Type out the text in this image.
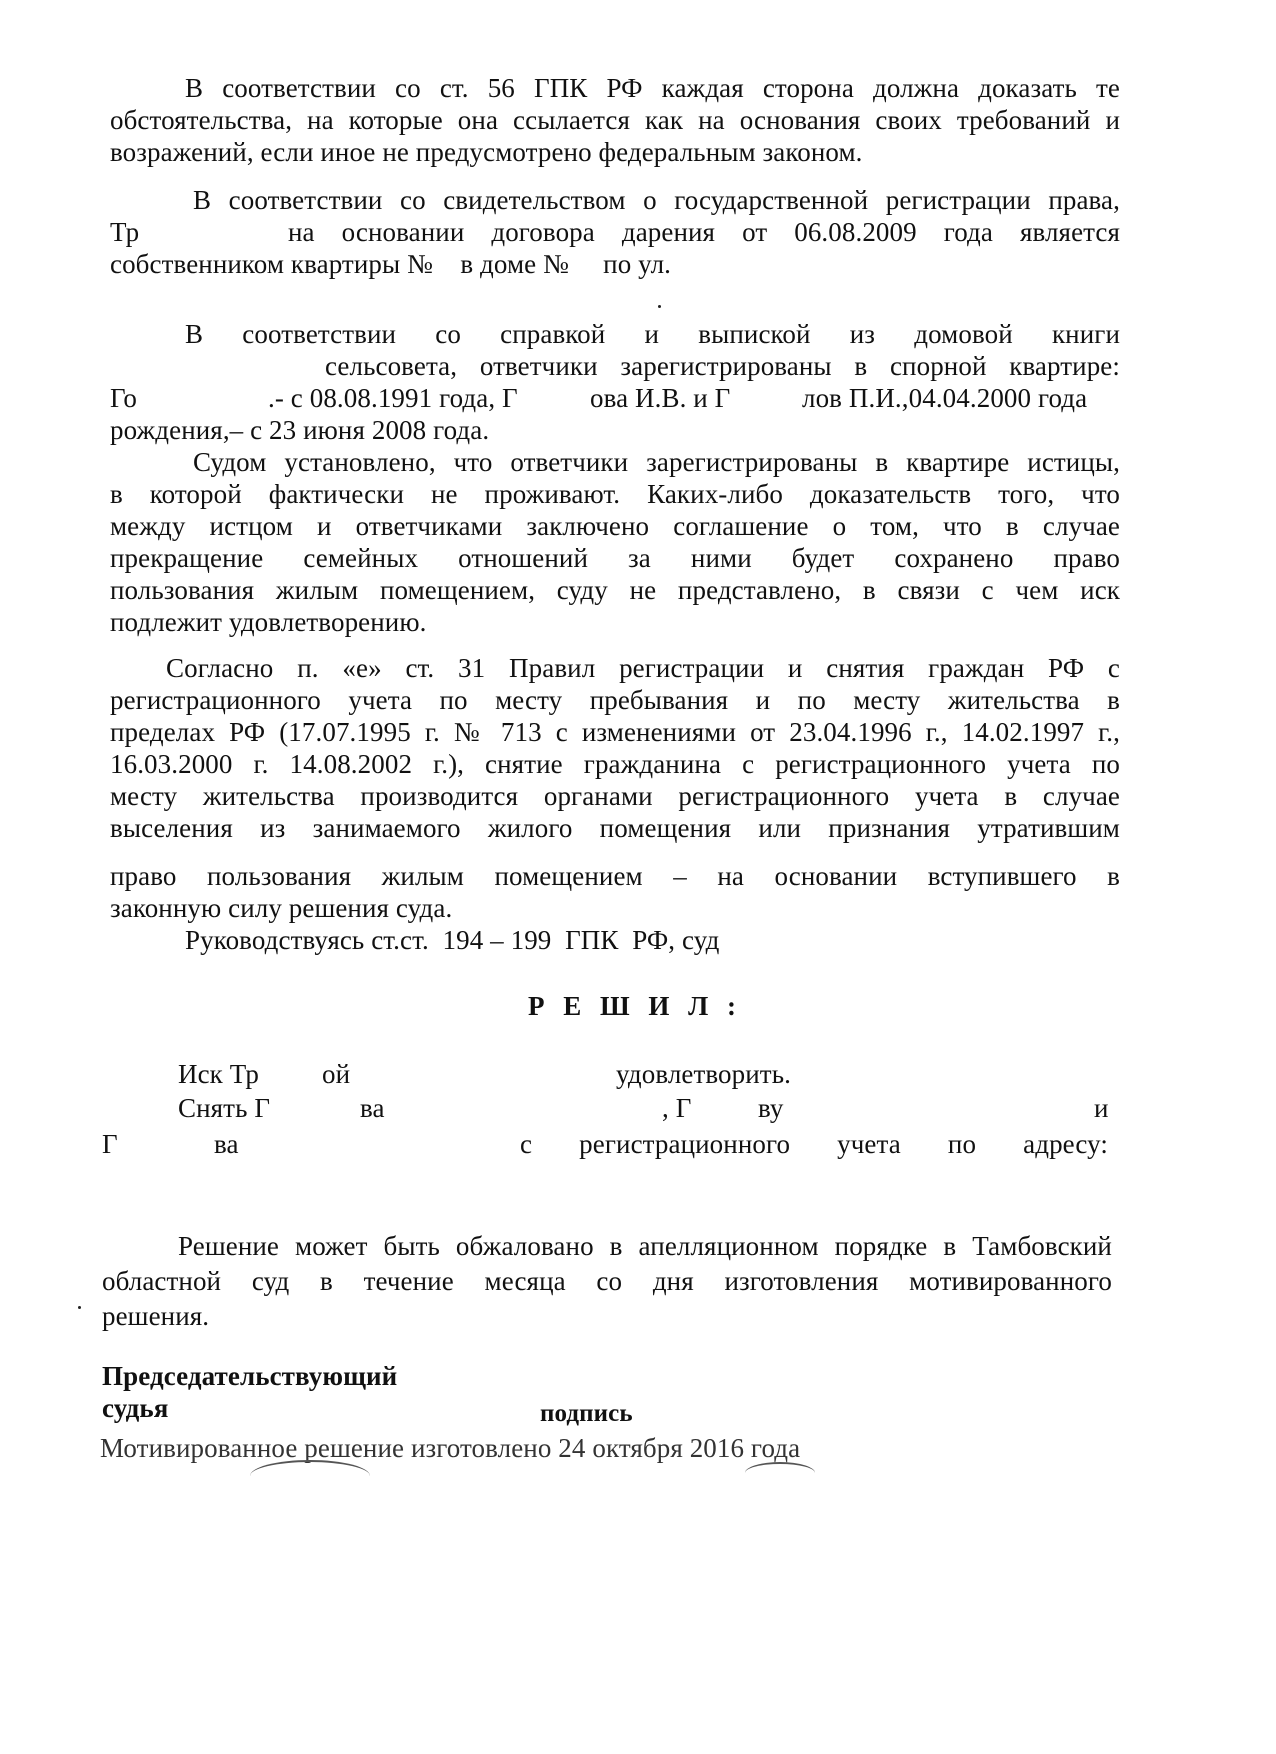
В соответствии со ст. 56 ГПК РФ каждая сторона должна доказать те
обстоятельства, на которые она ссылается как на основания своих требований и
возражений, если иное не предусмотрено федеральным законом.
В соответствии со свидетельством о государственной регистрации права,
Тр	на основании договора дарения от 06.08.2009 года является
собственником квартиры №    в доме №     по ул.
В соответствии со справкой и выпиской из домовой книги
сельсовета, ответчики зарегистрированы в спорной квартире:
Го	.- с 08.08.1991 года, Г	ова И.В. и Г	лов П.И.,04.04.2000 года
рождения,– с 23 июня 2008 года.
Судом установлено, что ответчики зарегистрированы в квартире истицы,
в которой фактически не проживают. Каких-либо доказательств того, что
между истцом и ответчиками заключено соглашение о том, что в случае
прекращение семейных отношений за ними будет сохранено право
пользования жилым помещением, суду не представлено, в связи с чем иск
подлежит удовлетворению.
Согласно п. «е» ст. 31 Правил регистрации и снятия граждан РФ с
регистрационного учета по месту пребывания и по месту жительства в
пределах РФ (17.07.1995 г. № 713 с изменениями от 23.04.1996 г., 14.02.1997 г.,
16.03.2000 г. 14.08.2002 г.), снятие гражданина с регистрационного учета по
месту жительства производится органами регистрационного учета в случае
выселения из занимаемого жилого помещения или признания утратившим
право пользования жилым помещением – на основании вступившего в
законную силу решения суда.
Руководствуясь ст.ст.  194 – 199  ГПК  РФ, суд
Р Е Ш И Л :
Иск Тр ой	удовлетворить.
Снять Г	ва	, Г ву	и
Г	ва	с регистрационного учета по адресу:
Решение может быть обжаловано в апелляционном порядке в Тамбовский
областной суд в течение месяца со дня изготовления мотивированного
решения.
Председательствующий
судья	подпись
Мотивированное решение изготовлено 24 октября 2016 года
